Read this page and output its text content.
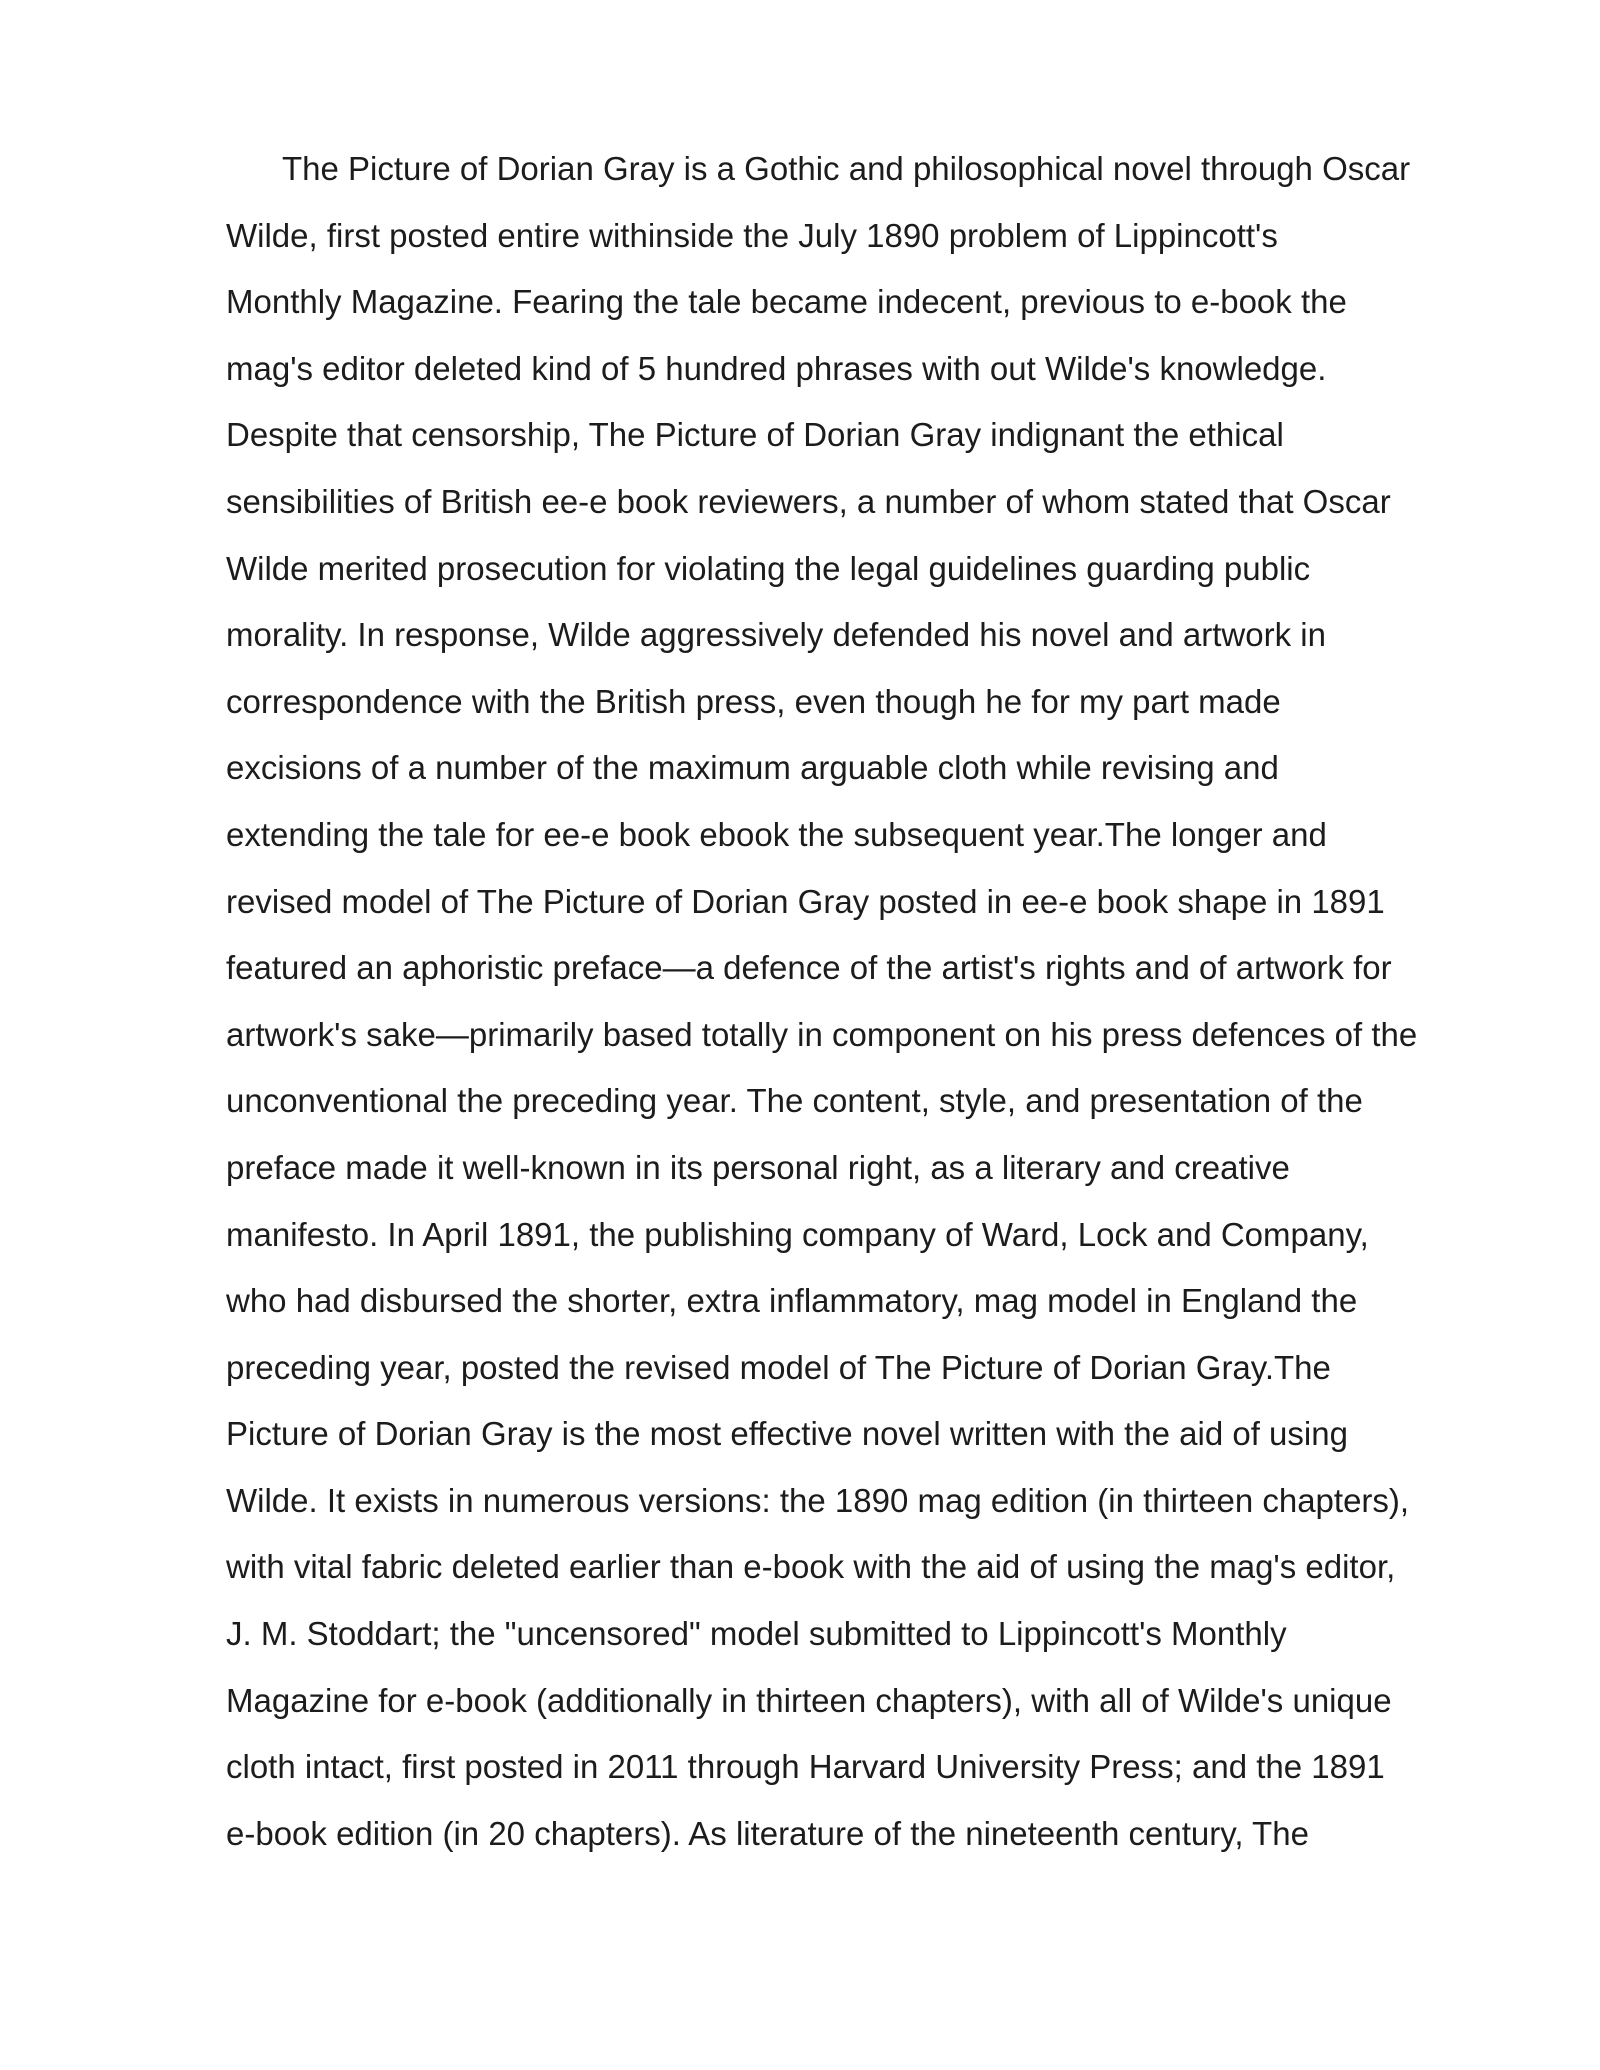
The Picture of Dorian Gray is a Gothic and philosophical novel through Oscar
Wilde, first posted entire withinside the July 1890 problem of Lippincott's
Monthly Magazine. Fearing the tale became indecent, previous to e-book the
mag's editor deleted kind of 5 hundred phrases with out Wilde's knowledge.
Despite that censorship, The Picture of Dorian Gray indignant the ethical
sensibilities of British ee-e book reviewers, a number of whom stated that Oscar
Wilde merited prosecution for violating the legal guidelines guarding public
morality. In response, Wilde aggressively defended his novel and artwork in
correspondence with the British press, even though he for my part made
excisions of a number of the maximum arguable cloth while revising and
extending the tale for ee-e book ebook the subsequent year.The longer and
revised model of The Picture of Dorian Gray posted in ee-e book shape in 1891
featured an aphoristic preface—a defence of the artist's rights and of artwork for
artwork's sake—primarily based totally in component on his press defences of the
unconventional the preceding year. The content, style, and presentation of the
preface made it well-known in its personal right, as a literary and creative
manifesto. In April 1891, the publishing company of Ward, Lock and Company,
who had disbursed the shorter, extra inflammatory, mag model in England the
preceding year, posted the revised model of The Picture of Dorian Gray.The
Picture of Dorian Gray is the most effective novel written with the aid of using
Wilde. It exists in numerous versions: the 1890 mag edition (in thirteen chapters),
with vital fabric deleted earlier than e-book with the aid of using the mag's editor,
J. M. Stoddart; the "uncensored" model submitted to Lippincott's Monthly
Magazine for e-book (additionally in thirteen chapters), with all of Wilde's unique
cloth intact, first posted in 2011 through Harvard University Press; and the 1891
e-book edition (in 20 chapters). As literature of the nineteenth century, The
